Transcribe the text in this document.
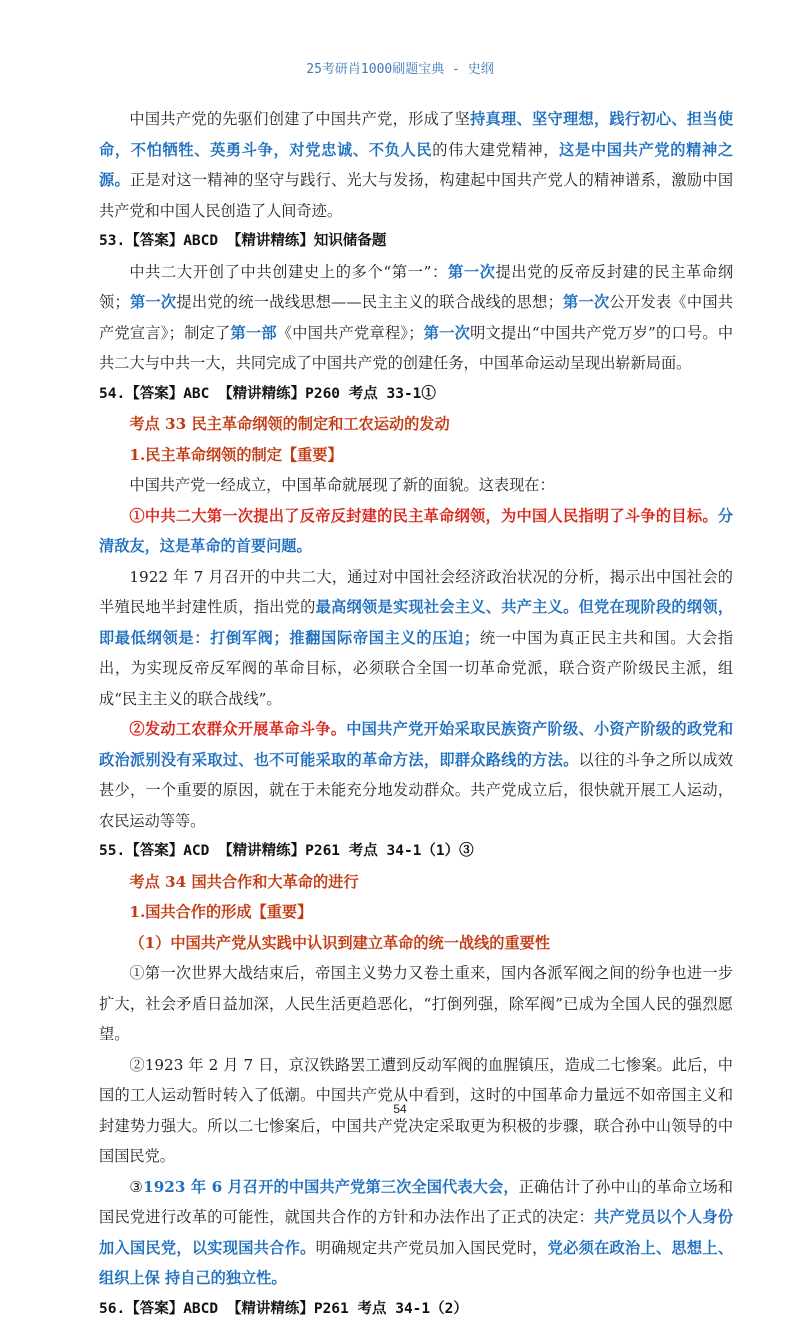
25考研肖1000刷题宝典 - 史纲

中国共产党的先驱们创建了中国共产党，形成了坚持真理、坚守理想，践行初心、担当使命，不怕牺牲、英勇斗争，对党忠诚、不负人民的伟大建党精神，这是中国共产党的精神之源。正是对这一精神的坚守与践行、光大与发扬，构建起中国共产党人的精神谱系，激励中国共产党和中国人民创造了人间奇迹。

53.【答案】ABCD 【精讲精练】知识储备题

中共二大开创了中共创建史上的多个“第一”：第一次提出党的反帝反封建的民主革命纲领；第一次提出党的统一战线思想——民主主义的联合战线的思想；第一次公开发表《中国共产党宣言》；制定了第一部《中国共产党章程》；第一次明文提出“中国共产党万岁”的口号。中共二大与中共一大，共同完成了中国共产党的创建任务，中国革命运动呈现出崭新局面。

54.【答案】ABC 【精讲精练】P260 考点 33-1①

考点 33 民主革命纲领的制定和工农运动的发动

1.民主革命纲领的制定【重要】

中国共产党一经成立，中国革命就展现了新的面貌。这表现在：

①中共二大第一次提出了反帝反封建的民主革命纲领，为中国人民指明了斗争的目标。分清敌友，这是革命的首要问题。

1922 年 7 月召开的中共二大，通过对中国社会经济政治状况的分析，揭示出中国社会的半殖民地半封建性质，指出党的最高纲领是实现社会主义、共产主义。但党在现阶段的纲领，即最低纲领是：打倒军阀；推翻国际帝国主义的压迫；统一中国为真正民主共和国。大会指出，为实现反帝反军阀的革命目标，必须联合全国一切革命党派，联合资产阶级民主派，组成“民主主义的联合战线”。

②发动工农群众开展革命斗争。中国共产党开始采取民族资产阶级、小资产阶级的政党和政治派别没有采取过、也不可能采取的革命方法，即群众路线的方法。以往的斗争之所以成效甚少，一个重要的原因，就在于未能充分地发动群众。共产党成立后，很快就开展工人运动，农民运动等等。

55.【答案】ACD 【精讲精练】P261 考点 34-1（1）③

考点 34 国共合作和大革命的进行

1.国共合作的形成【重要】

（1）中国共产党从实践中认识到建立革命的统一战线的重要性

①第一次世界大战结束后，帝国主义势力又卷土重来，国内各派军阀之间的纷争也进一步扩大，社会矛盾日益加深，人民生活更趋恶化，“打倒列强，除军阀”已成为全国人民的强烈愿望。

②1923 年 2 月 7 日，京汉铁路罢工遭到反动军阀的血腥镇压，造成二七惨案。此后，中国的工人运动暂时转入了低潮。中国共产党从中看到，这时的中国革命力量远不如帝国主义和封建势力强大。所以二七惨案后，中国共产党决定采取更为积极的步骤，联合孙中山领导的中国国民党。

③1923 年 6 月召开的中国共产党第三次全国代表大会，正确估计了孙中山的革命立场和国民党进行改革的可能性，就国共合作的方针和办法作出了正式的决定：共产党员以个人身份加入国民党，以实现国共合作。明确规定共产党员加入国民党时，党必须在政治上、思想上、组织上保 持自己的独立性。

56.【答案】ABCD 【精讲精练】P261 考点 34-1（2）

54
